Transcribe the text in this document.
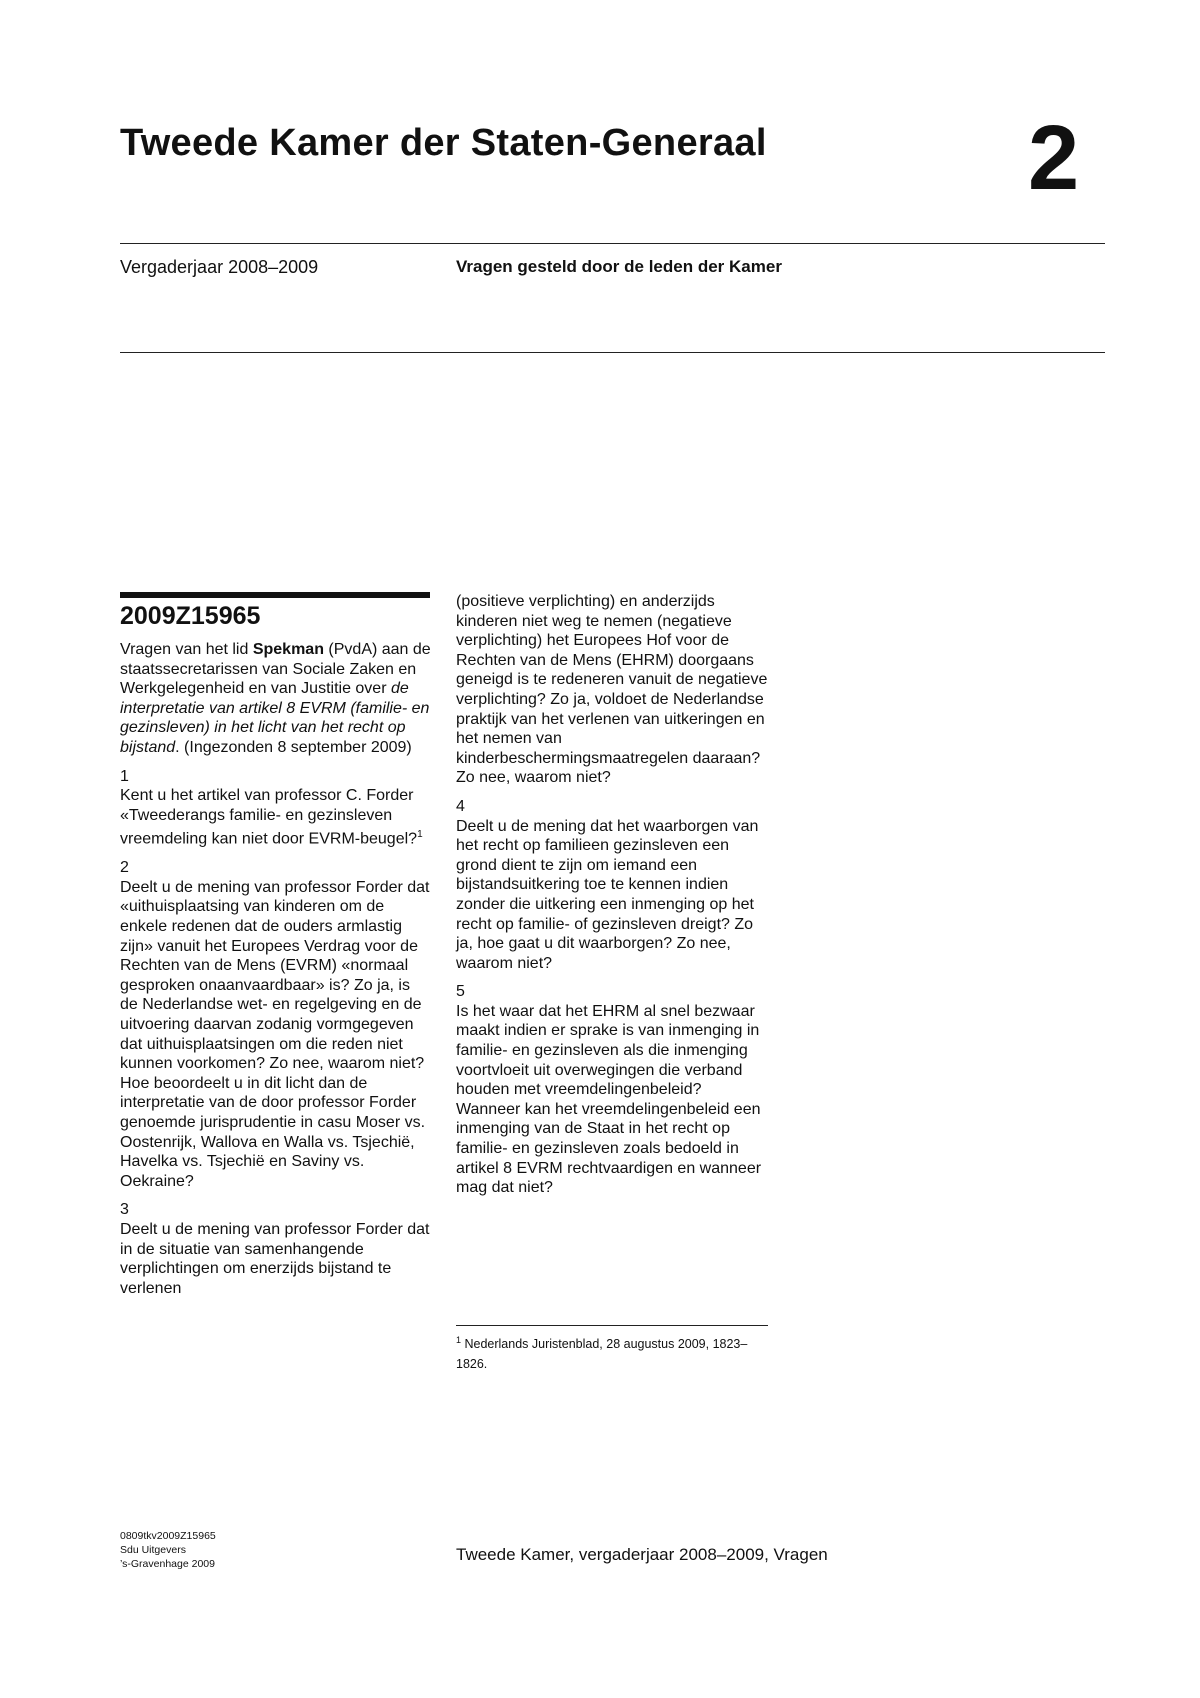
Tweede Kamer der Staten-Generaal	2
Vergaderjaar 2008–2009	Vragen gesteld door de leden der Kamer
2009Z15965

Vragen van het lid Spekman (PvdA) aan de staatssecretarissen van Sociale Zaken en Werkgelegenheid en van Justitie over de interpretatie van artikel 8 EVRM (familie- en gezinsleven) in het licht van het recht op bijstand. (Ingezonden 8 september 2009)

1
Kent u het artikel van professor C. Forder «Tweederangs familie- en gezinsleven vreemdeling kan niet door EVRM-beugel?$^1$

2
Deelt u de mening van professor Forder dat «uithuisplaatsing van kinderen om de enkele redenen dat de ouders armlastig zijn» vanuit het Europees Verdrag voor de Rechten van de Mens (EVRM) «normaal gesproken onaanvaardbaar» is? Zo ja, is de Nederlandse wet- en regelgeving en de uitvoering daarvan zodanig vormgegeven dat uithuisplaatsingen om die reden niet kunnen voorkomen? Zo nee, waarom niet? Hoe beoordeelt u in dit licht dan de interpretatie van de door professor Forder genoemde jurisprudentie in casu Moser vs. Oostenrijk, Wallova en Walla vs. Tsjechië, Havelka vs. Tsjechië en Saviny vs. Oekraine?

3
Deelt u de mening van professor Forder dat in de situatie van samenhangende verplichtingen om enerzijds bijstand te verlenen

(positieve verplichting) en anderzijds kinderen niet weg te nemen (negatieve verplichting) het Europees Hof voor de Rechten van de Mens (EHRM) doorgaans geneigd is te redeneren vanuit de negatieve verplichting? Zo ja, voldoet de Nederlandse praktijk van het verlenen van uitkeringen en het nemen van kinderbeschermingsmaatregelen daaraan? Zo nee, waarom niet?

4
Deelt u de mening dat het waarborgen van het recht op familieen gezinsleven een grond dient te zijn om iemand een bijstandsuitkering toe te kennen indien zonder die uitkering een inmenging op het recht op familie- of gezinsleven dreigt? Zo ja, hoe gaat u dit waarborgen? Zo nee, waarom niet?

5
Is het waar dat het EHRM al snel bezwaar maakt indien er sprake is van inmenging in familie- en gezinsleven als die inmenging voortvloeit uit overwegingen die verband houden met vreemdelingenbeleid? Wanneer kan het vreemdelingenbeleid een inmenging van de Staat in het recht op familie- en gezinsleven zoals bedoeld in artikel 8 EVRM rechtvaardigen en wanneer mag dat niet?

$^1$ Nederlands Juristenblad, 28 augustus 2009, 1823–1826.
0809tkv2009Z15965
Sdu Uitgevers
’s-Gravenhage 2009	Tweede Kamer, vergaderjaar 2008–2009, Vragen
